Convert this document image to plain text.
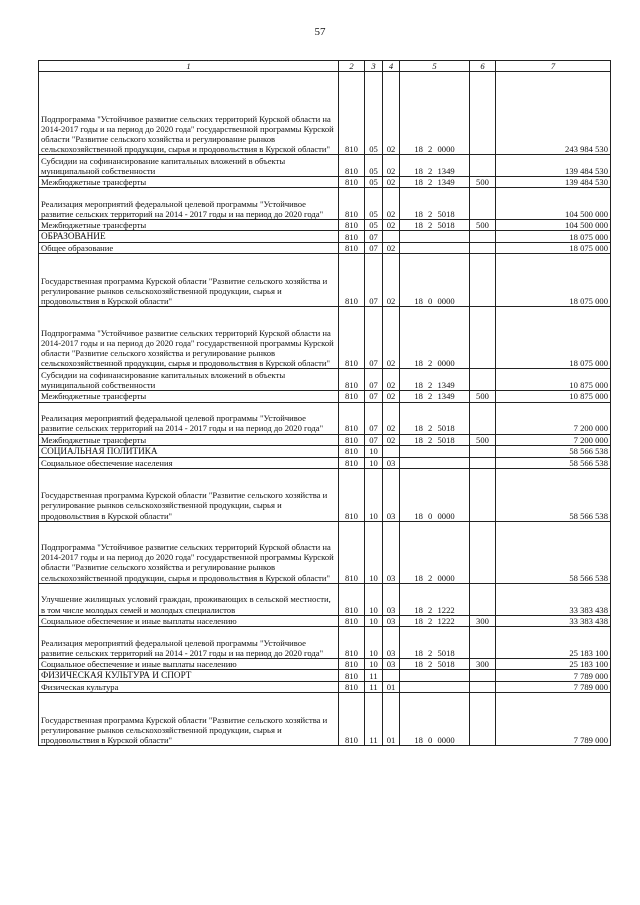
57
1	2	3	4	5	6	7
Подпрограмма "Устойчивое развитие сельских территорий Курской области на 2014-2017 годы и на период до 2020 года" государственной программы Курской области "Развитие сельского хозяйства и регулирование рынков сельскохозяйственной продукции, сырья и продовольствия в Курской области"	810	05	02	18 2 0000		243 984 530
Субсидии на софинансирование капитальных вложений в объекты муниципальной собственности	810	05	02	18 2 1349		139 484 530
Межбюджетные трансферты	810	05	02	18 2 1349	500	139 484 530
Реализация мероприятий федеральной целевой программы "Устойчивое развитие сельских территорий на 2014 - 2017 годы и на период до 2020 года"	810	05	02	18 2 5018		104 500 000
Межбюджетные трансферты	810	05	02	18 2 5018	500	104 500 000
ОБРАЗОВАНИЕ	810	07				18 075 000
Общее образование	810	07	02			18 075 000
Государственная программа Курской области "Развитие сельского хозяйства и регулирование рынков сельскохозяйственной продукции, сырья и продовольствия в Курской области"	810	07	02	18 0 0000		18 075 000
Подпрограмма "Устойчивое развитие сельских территорий Курской области на 2014-2017 годы и на период до 2020 года" государственной программы Курской области "Развитие сельского хозяйства и регулирование рынков сельскохозяйственной продукции, сырья и продовольствия в Курской области"	810	07	02	18 2 0000		18 075 000
Субсидии на софинансирование капитальных вложений в объекты муниципальной собственности	810	07	02	18 2 1349		10 875 000
Межбюджетные трансферты	810	07	02	18 2 1349	500	10 875 000
Реализация мероприятий федеральной целевой программы "Устойчивое развитие сельских территорий на 2014 - 2017 годы и на период до 2020 года"	810	07	02	18 2 5018		7 200 000
Межбюджетные трансферты	810	07	02	18 2 5018	500	7 200 000
СОЦИАЛЬНАЯ ПОЛИТИКА	810	10				58 566 538
Социальное обеспечение населения	810	10	03			58 566 538
Государственная программа Курской области "Развитие сельского хозяйства и регулирование рынков сельскохозяйственной продукции, сырья и продовольствия в Курской области"	810	10	03	18 0 0000		58 566 538
Подпрограмма "Устойчивое развитие сельских территорий Курской области на 2014-2017 годы и на период до 2020 года" государственной программы Курской области "Развитие сельского хозяйства и регулирование рынков сельскохозяйственной продукции, сырья и продовольствия в Курской области"	810	10	03	18 2 0000		58 566 538
Улучшение жилищных условий граждан, проживающих в сельской местности, в том числе молодых семей и молодых специалистов	810	10	03	18 2 1222		33 383 438
Социальное обеспечение и иные выплаты населению	810	10	03	18 2 1222	300	33 383 438
Реализация мероприятий федеральной целевой программы "Устойчивое развитие сельских территорий на 2014 - 2017 годы и на период до 2020 года"	810	10	03	18 2 5018		25 183 100
Социальное обеспечение и иные выплаты населению	810	10	03	18 2 5018	300	25 183 100
ФИЗИЧЕСКАЯ КУЛЬТУРА И СПОРТ	810	11				7 789 000
Физическая культура	810	11	01			7 789 000
Государственная программа Курской области "Развитие сельского хозяйства и регулирование рынков сельскохозяйственной продукции, сырья и продовольствия в Курской области"	810	11	01	18 0 0000		7 789 000
